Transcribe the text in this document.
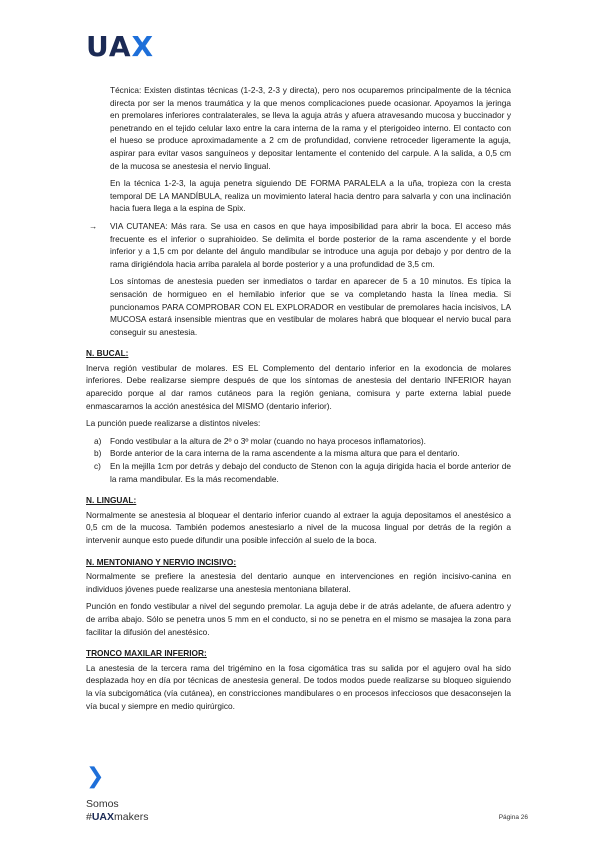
UAX

Técnica: Existen distintas técnicas (1-2-3, 2-3 y directa), pero nos ocuparemos principalmente de la técnica directa por ser la menos traumática y la que menos complicaciones puede ocasionar. Apoyamos la jeringa en premolares inferiores contralaterales, se lleva la aguja atrás y afuera atravesando mucosa y buccinador y penetrando en el tejido celular laxo entre la cara interna de la rama y el pterigoideo interno. El contacto con el hueso se produce aproximadamente a 2 cm de profundidad, conviene retroceder ligeramente la aguja, aspirar para evitar vasos sanguíneos y depositar lentamente el contenido del carpule. A la salida, a 0,5 cm de la mucosa se anestesia el nervio lingual.

En la técnica 1-2-3, la aguja penetra siguiendo DE FORMA PARALELA a la uña, tropieza con la cresta temporal DE LA MANDÍBULA, realiza un movimiento lateral hacia dentro para salvarla y con una inclinación hacia fuera llega a la espina de Spix.

→ VIA CUTANEA: Más rara. Se usa en casos en que haya imposibilidad para abrir la boca. El acceso más frecuente es el inferior o suprahioideo. Se delimita el borde posterior de la rama ascendente y el borde inferior y a 1,5 cm por delante del ángulo mandibular se introduce una aguja por debajo y por dentro de la rama dirigiéndola hacia arriba paralela al borde posterior y a una profundidad de 3,5 cm.

Los síntomas de anestesia pueden ser inmediatos o tardar en aparecer de 5 a 10 minutos. Es típica la sensación de hormigueo en el hemilabio inferior que se va completando hasta la línea media. Si puncionamos PARA COMPROBAR CON EL EXPLORADOR en vestibular de premolares hacia incisivos, LA MUCOSA estará insensible mientras que en vestibular de molares habrá que bloquear el nervio bucal para conseguir su anestesia.

N. BUCAL:

Inerva región vestibular de molares. ES EL Complemento del dentario inferior en la exodoncia de molares inferiores. Debe realizarse siempre después de que los síntomas de anestesia del dentario INFERIOR hayan aparecido porque al dar ramos cutáneos para la región geniana, comisura y parte externa labial puede enmascararnos la acción anestésica del MISMO (dentario inferior).

La punción puede realizarse a distintos niveles:

a) Fondo vestibular a la altura de 2º o 3º molar (cuando no haya procesos inflamatorios).
b) Borde anterior de la cara interna de la rama ascendente a la misma altura que para el dentario.
c) En la mejilla 1cm por detrás y debajo del conducto de Stenon con la aguja dirigida hacia el borde anterior de la rama mandibular. Es la más recomendable.
N. LINGUAL:

Normalmente se anestesia al bloquear el dentario inferior cuando al extraer la aguja depositamos el anestésico a 0,5 cm de la mucosa. También podemos anestesiarlo a nivel de la mucosa lingual por detrás de la región a intervenir aunque esto puede difundir una posible infección al suelo de la boca.

N. MENTONIANO Y NERVIO INCISIVO:

Normalmente se prefiere la anestesia del dentario aunque en intervenciones en región incisivo-canina en individuos jóvenes puede realizarse una anestesia mentoniana bilateral.

Punción en fondo vestibular a nivel del segundo premolar. La aguja debe ir de atrás adelante, de afuera adentro y de arriba abajo. Sólo se penetra unos 5 mm en el conducto, si no se penetra en el mismo se masajea la zona para facilitar la difusión del anestésico.

TRONCO MAXILAR INFERIOR:

La anestesia de la tercera rama del trigémino en la fosa cigomática tras su salida por el agujero oval ha sido desplazada hoy en día por técnicas de anestesia general. De todos modos puede realizarse su bloqueo siguiendo la vía subcigomática (vía cutánea), en constricciones mandibulares o en procesos infecciosos que desaconsejen la vía bucal y siempre en medio quirúrgico.

❯
Somos
#UAXmakers	Página 26
